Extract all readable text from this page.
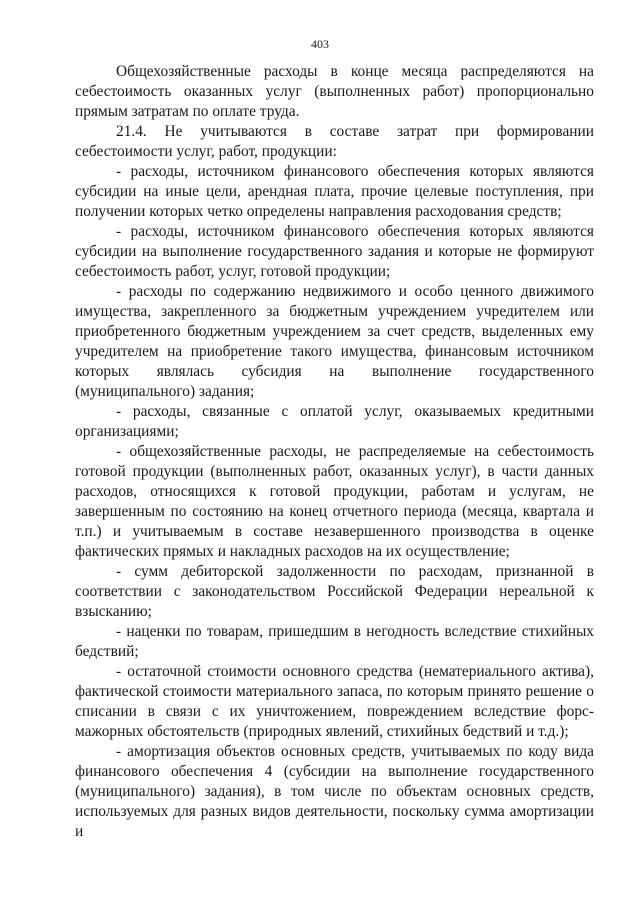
403

Общехозяйственные расходы в конце месяца распределяются на себестоимость оказанных услуг (выполненных работ) пропорционально прямым затратам по оплате труда.

21.4. Не учитываются в составе затрат при формировании себестоимости услуг, работ, продукции:

- расходы, источником финансового обеспечения которых являются субсидии на иные цели, арендная плата, прочие целевые поступления, при получении которых четко определены направления расходования средств;

- расходы, источником финансового обеспечения которых являются субсидии на выполнение государственного задания и которые не формируют себестоимость работ, услуг, готовой продукции;

- расходы по содержанию недвижимого и особо ценного движимого имущества, закрепленного за бюджетным учреждением учредителем или приобретенного бюджетным учреждением за счет средств, выделенных ему учредителем на приобретение такого имущества, финансовым источником которых являлась субсидия на выполнение государственного (муниципального) задания;

- расходы, связанные с оплатой услуг, оказываемых кредитными организациями;

- общехозяйственные расходы, не распределяемые на себестоимость готовой продукции (выполненных работ, оказанных услуг), в части данных расходов, относящихся к готовой продукции, работам и услугам, не завершенным по состоянию на конец отчетного периода (месяца, квартала и т.п.) и учитываемым в составе незавершенного производства в оценке фактических прямых и накладных расходов на их осуществление;

- сумм дебиторской задолженности по расходам, признанной в соответствии с законодательством Российской Федерации нереальной к взысканию;

- наценки по товарам, пришедшим в негодность вследствие стихийных бедствий;

- остаточной стоимости основного средства (нематериального актива), фактической стоимости материального запаса, по которым принято решение о списании в связи с их уничтожением, повреждением вследствие форс-мажорных обстоятельств (природных явлений, стихийных бедствий и т.д.);

- амортизация объектов основных средств, учитываемых по коду вида финансового обеспечения 4 (субсидии на выполнение государственного (муниципального) задания), в том числе по объектам основных средств, используемых для разных видов деятельности, поскольку сумма амортизации и
